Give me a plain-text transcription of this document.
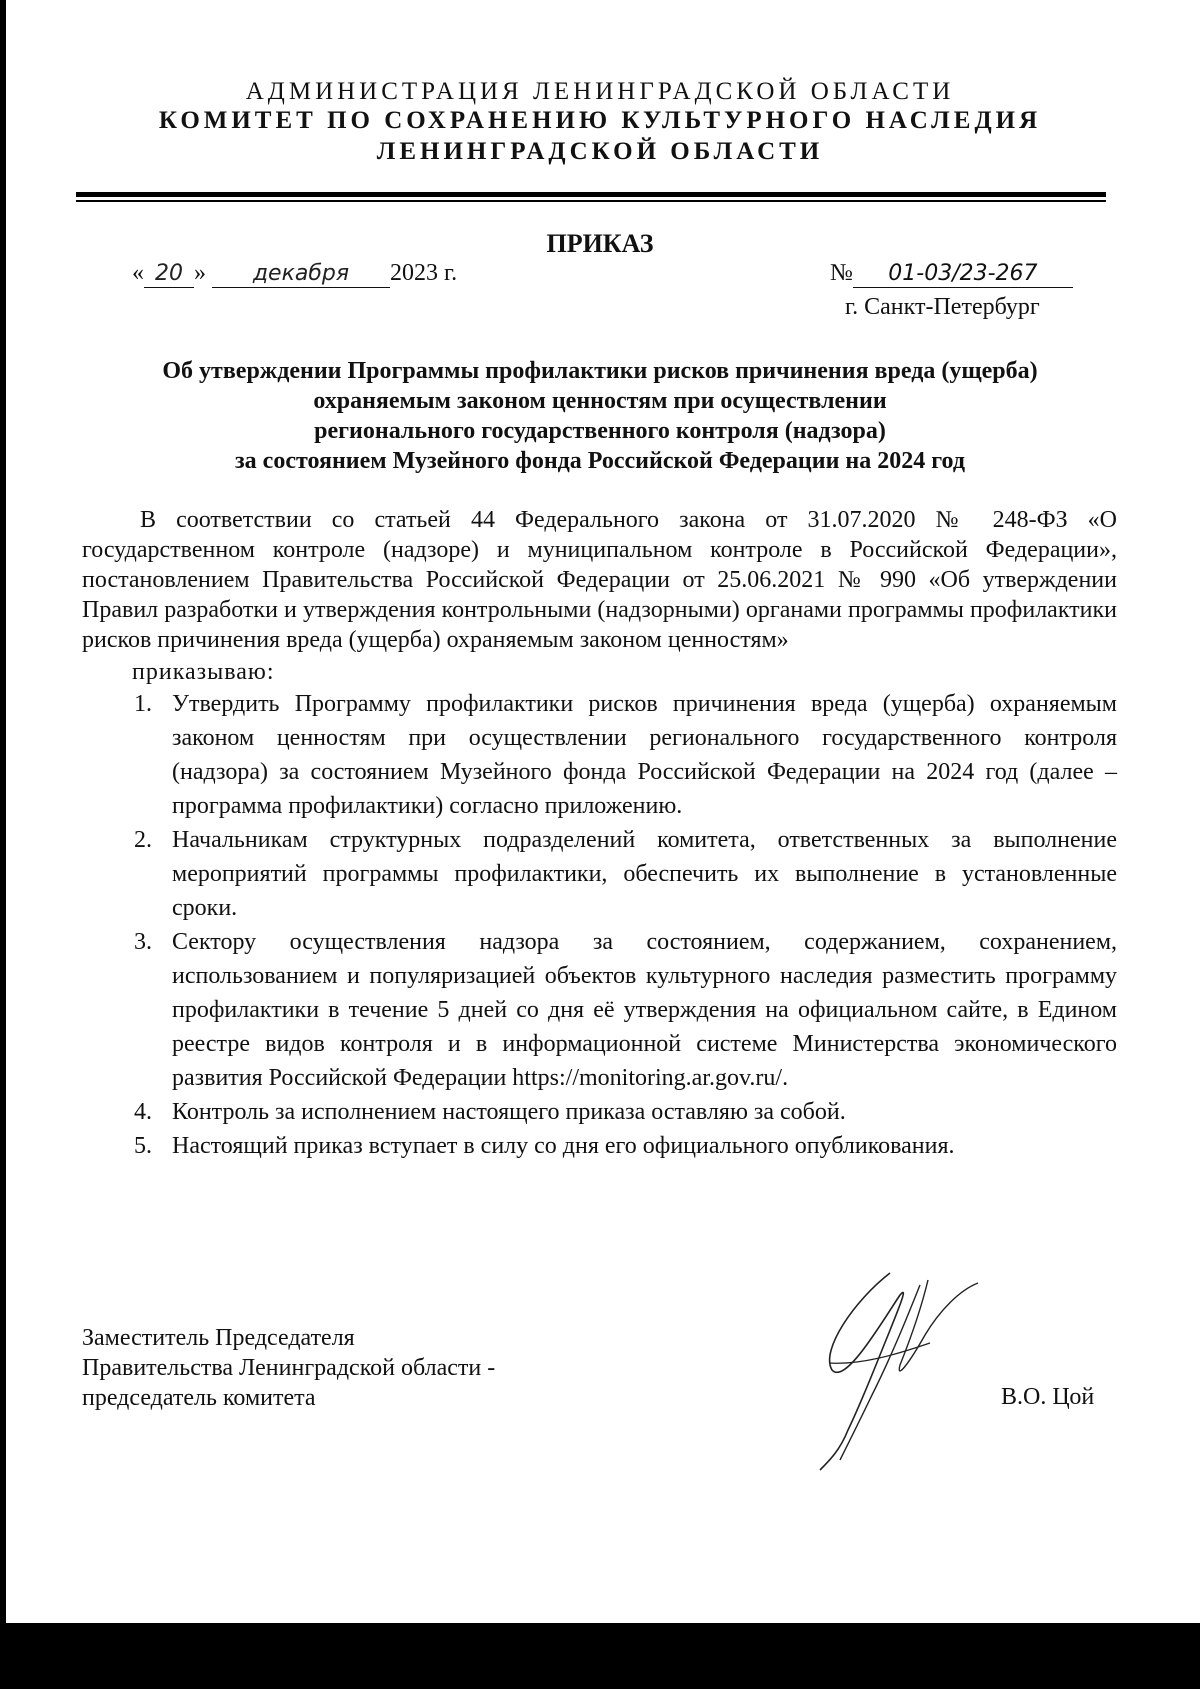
АДМИНИСТРАЦИЯ ЛЕНИНГРАДСКОЙ ОБЛАСТИ
КОМИТЕТ ПО СОХРАНЕНИЮ КУЛЬТУРНОГО НАСЛЕДИЯ
ЛЕНИНГРАДСКОЙ ОБЛАСТИ
ПРИКАЗ
« 20 » декабря 2023 г.	№ 01-03/23-267
г. Санкт-Петербург
Об утверждении Программы профилактики рисков причинения вреда (ущерба)
охраняемым законом ценностям при осуществлении
регионального государственного контроля (надзора)
за состоянием Музейного фонда Российской Федерации на 2024 год

В соответствии со статьей 44 Федерального закона от 31.07.2020 № 248-ФЗ «О государственном контроле (надзоре) и муниципальном контроле в Российской Федерации», постановлением Правительства Российской Федерации от 25.06.2021 № 990 «Об утверждении Правил разработки и утверждения контрольными (надзорными) органами программы профилактики рисков причинения вреда (ущерба) охраняемым законом ценностям»

приказываю:
1. Утвердить Программу профилактики рисков причинения вреда (ущерба) охраняемым законом ценностям при осуществлении регионального государственного контроля (надзора) за состоянием Музейного фонда Российской Федерации на 2024 год (далее – программа профилактики) согласно приложению.
2. Начальникам структурных подразделений комитета, ответственных за выполнение мероприятий программы профилактики, обеспечить их выполнение в установленные сроки.
3. Сектору осуществления надзора за состоянием, содержанием, сохранением, использованием и популяризацией объектов культурного наследия разместить программу профилактики в течение 5 дней со дня её утверждения на официальном сайте, в Едином реестре видов контроля и в информационной системе Министерства экономического развития Российской Федерации https://monitoring.ar.gov.ru/.
4. Контроль за исполнением настоящего приказа оставляю за собой.
5. Настоящий приказ вступает в силу со дня его официального опубликования.
Заместитель Председателя
Правительства Ленинградской области -
председатель комитета	В.О. Цой
